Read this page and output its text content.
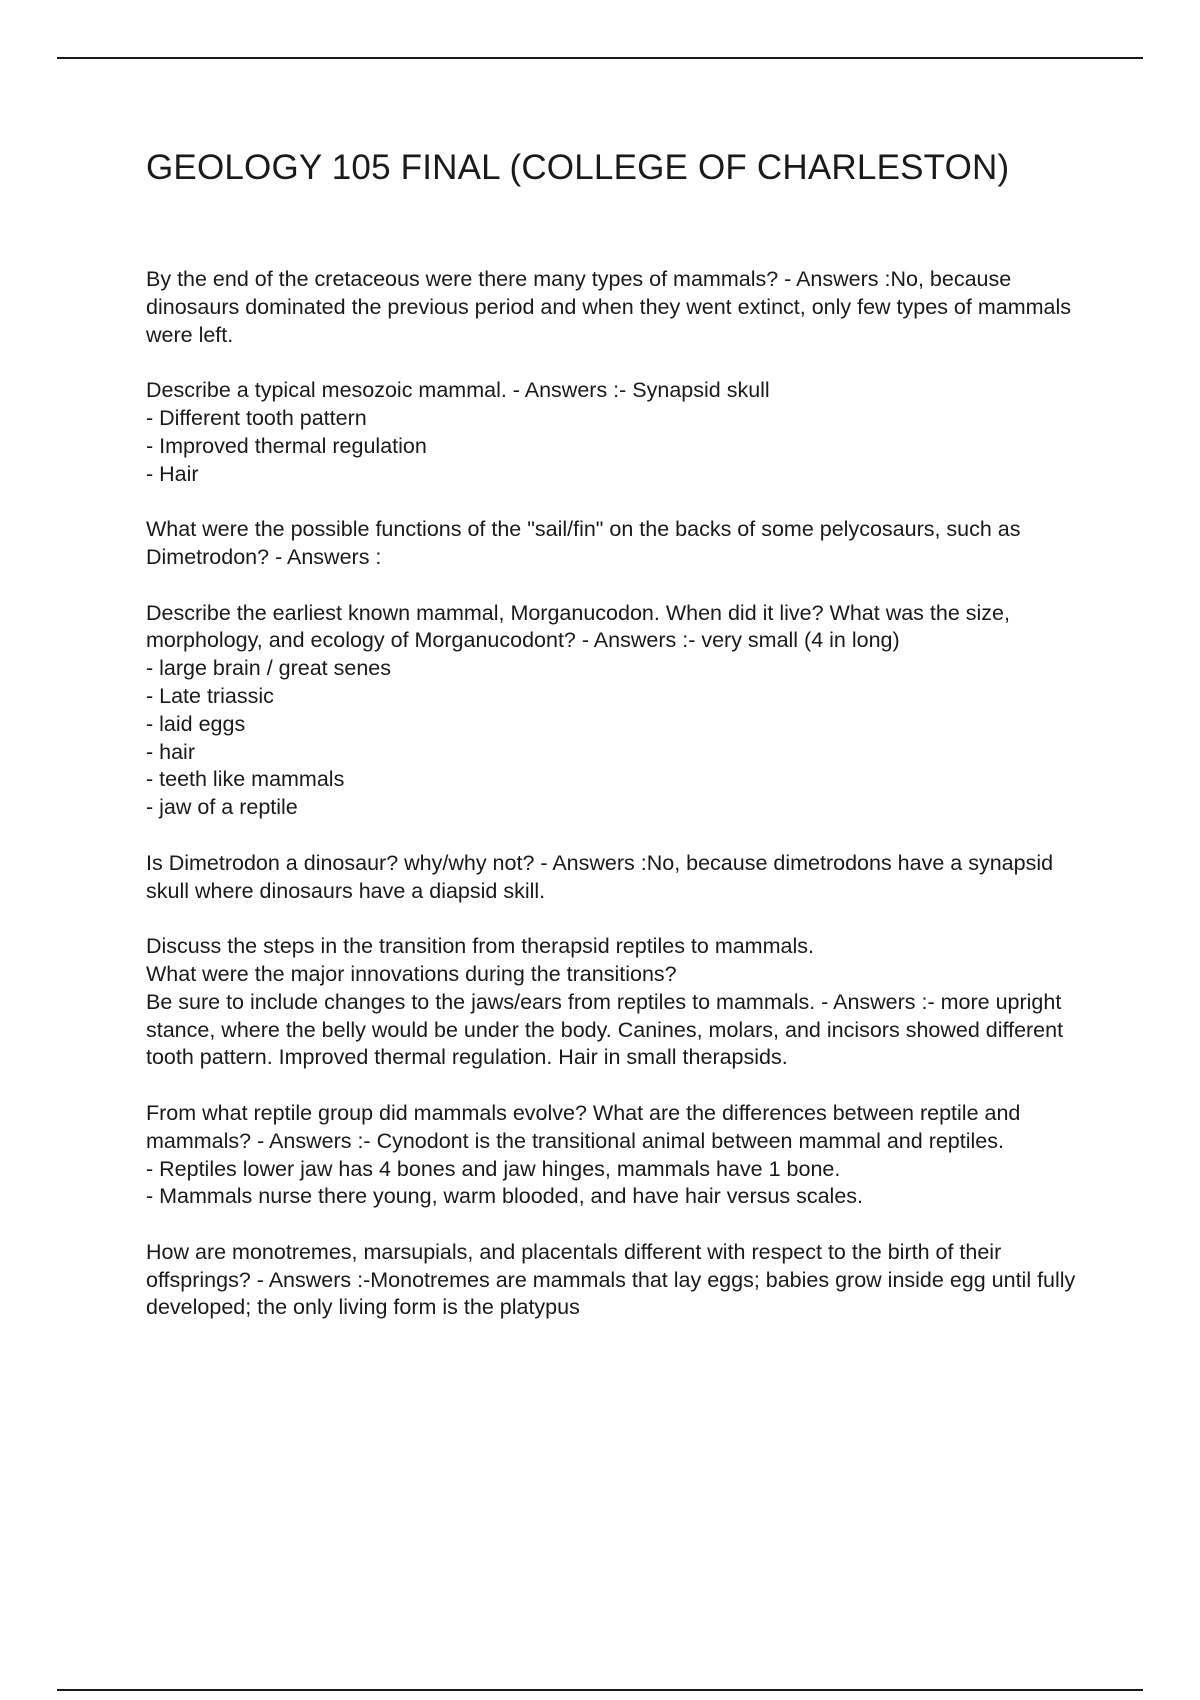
GEOLOGY 105 FINAL (COLLEGE OF CHARLESTON)
By the end of the cretaceous were there many types of mammals? - Answers :No, because dinosaurs dominated the previous period and when they went extinct, only few types of mammals were left.
Describe a typical mesozoic mammal. - Answers :- Synapsid skull
- Different tooth pattern
- Improved thermal regulation
- Hair
What were the possible functions of the "sail/fin" on the backs of some pelycosaurs, such as Dimetrodon? - Answers :
Describe the earliest known mammal, Morganucodon. When did it live? What was the size, morphology, and ecology of Morganucodont? - Answers :- very small (4 in long)
- large brain / great senes
- Late triassic
- laid eggs
- hair
- teeth like mammals
- jaw of a reptile
Is Dimetrodon a dinosaur? why/why not? - Answers :No, because dimetrodons have a synapsid skull where dinosaurs have a diapsid skill.
Discuss the steps in the transition from therapsid reptiles to mammals.
What were the major innovations during the transitions?
Be sure to include changes to the jaws/ears from reptiles to mammals. - Answers :- more upright stance, where the belly would be under the body. Canines, molars, and incisors showed different tooth pattern. Improved thermal regulation. Hair in small therapsids.
From what reptile group did mammals evolve? What are the differences between reptile and mammals? - Answers :- Cynodont is the transitional animal between mammal and reptiles.
- Reptiles lower jaw has 4 bones and jaw hinges, mammals have 1 bone.
- Mammals nurse there young, warm blooded, and have hair versus scales.
How are monotremes, marsupials, and placentals different with respect to the birth of their offsprings? - Answers :-Monotremes are mammals that lay eggs; babies grow inside egg until fully developed; the only living form is the platypus
